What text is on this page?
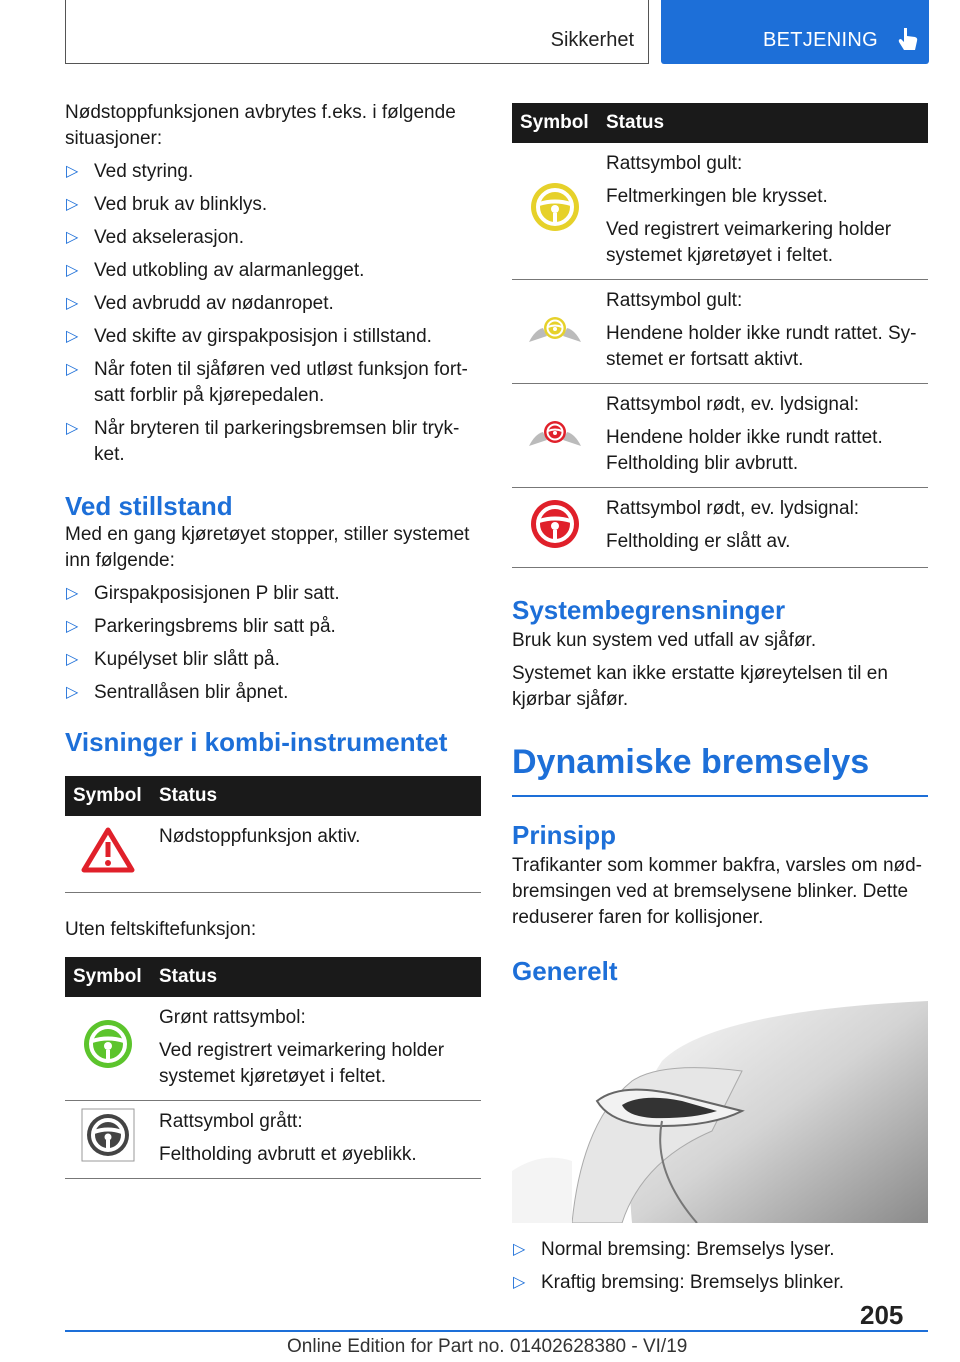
Sikkerhet	BETJENING

Nødstoppfunksjonen avbrytes f.eks. i følgende situasjoner:

▷ Ved styring.
▷ Ved bruk av blinklys.
▷ Ved akselerasjon.
▷ Ved utkobling av alarmanlegget.
▷ Ved avbrudd av nødanropet.
▷ Ved skifte av girspakposisjon i stillstand.
▷ Når foten til sjåføren ved utløst funksjon fort-satt forblir på kjørepedalen.
▷ Når bryteren til parkeringsbremsen blir tryk-ket.
Ved stillstand

Med en gang kjøretøyet stopper, stiller systemet inn følgende:

▷ Girspakposisjonen P blir satt.
▷ Parkeringsbrems blir satt på.
▷ Kupélyset blir slått på.
▷ Sentrallåsen blir åpnet.
Visninger i kombi-instrumentet
Symbol	Status

Nødstoppfunksjon aktiv.

Uten feltskiftefunksjon:

Symbol	Status

Grønt rattsymbol:
Ved registrert veimarkering holder systemet kjøretøyet i feltet.

Rattsymbol grått:
Feltholding avbrutt et øyeblikk.
Symbol	Status

Rattsymbol gult:
Feltmerkingen ble krysset.
Ved registrert veimarkering holder systemet kjøretøyet i feltet.

Rattsymbol gult:
Hendene holder ikke rundt rattet. Sy-stemet er fortsatt aktivt.

Rattsymbol rødt, ev. lydsignal:
Hendene holder ikke rundt rattet. Feltholding blir avbrutt.

Rattsymbol rødt, ev. lydsignal:
Feltholding er slått av.
Systembegrensninger

Bruk kun system ved utfall av sjåfør.

Systemet kan ikke erstatte kjøreytelsen til en kjørbar sjåfør.

Dynamiske bremselys
Prinsipp

Trafikanter som kommer bakfra, varsles om nød-bremsingen ved at bremselysene blinker. Dette reduserer faren for kollisjoner.

Generelt
▷ Normal bremsing: Bremselys lyser.
▷ Kraftig bremsing: Bremselys blinker.
205
Online Edition for Part no. 01402628380 - VI/19
